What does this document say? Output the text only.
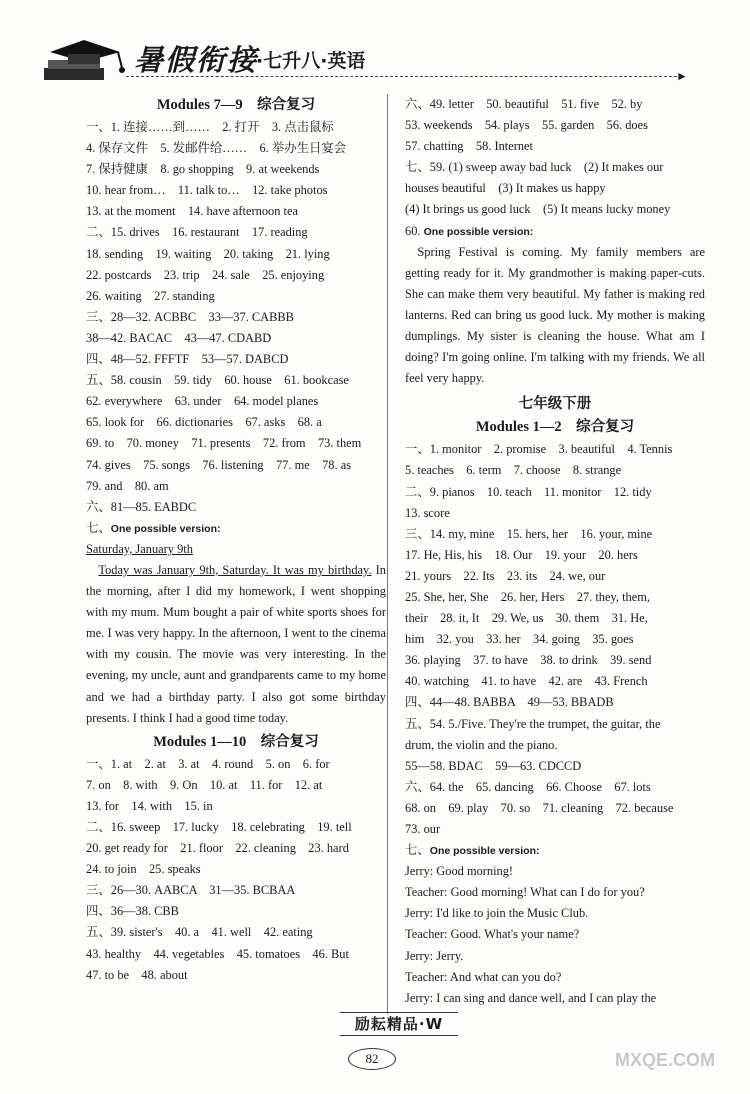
暑假衔接
·七升八·英语
►
Modules 7—9　综合复习
一、1. 连接……到……　2. 打开　3. 点击鼠标
4. 保存文件　5. 发邮件给……　6. 举办生日宴会
7. 保持健康　8. go shopping　9. at weekends
10. hear from…　11. talk to…　12. take photos
13. at the moment　14. have afternoon tea
二、15. drives　16. restaurant　17. reading
18. sending　19. waiting　20. taking　21. lying
22. postcards　23. trip　24. sale　25. enjoying
26. waiting　27. standing
三、28—32. ACBBC　33—37. CABBB
38—42. BACAC　43—47. CDABD
四、48—52. FFFTF　53—57. DABCD
五、58. cousin　59. tidy　60. house　61. bookcase
62. everywhere　63. under　64. model planes
65. look for　66. dictionaries　67. asks　68. a
69. to　70. money　71. presents　72. from　73. them
74. gives　75. songs　76. listening　77. me　78. as
79. and　80. am
六、81—85. EABDC
七、One possible version:
Saturday, January 9th
 Today was January 9th, Saturday. It was my birthday. In the morning, after I did my homework, I went shopping with my mum. Mum bought a pair of white sports shoes for me. I was very happy. In the afternoon, I went to the cinema with my cousin. The movie was very interesting. In the evening, my uncle, aunt and grandparents came to my home and we had a birthday party. I also got some birthday presents. I think I had a good time today.
Modules 1—10　综合复习
一、1. at　2. at　3. at　4. round　5. on　6. for
7. on　8. with　9. On　10. at　11. for　12. at
13. for　14. with　15. in
二、16. sweep　17. lucky　18. celebrating　19. tell
20. get ready for　21. floor　22. cleaning　23. hard
24. to join　25. speaks
三、26—30. AABCA　31—35. BCBAA
四、36—38. CBB
五、39. sister's　40. a　41. well　42. eating
43. healthy　44. vegetables　45. tomatoes　46. But
47. to be　48. about
六、49. letter　50. beautiful　51. five　52. by
53. weekends　54. plays　55. garden　56. does
57. chatting　58. Internet
七、59. (1) sweep away bad luck　(2) It makes our
houses beautiful　(3) It makes us happy
(4) It brings us good luck　(5) It means lucky money
60. One possible version:
 Spring Festival is coming. My family members are getting ready for it. My grandmother is making paper-cuts. She can make them very beautiful. My father is making red lanterns. Red can bring us good luck. My mother is making dumplings. My sister is cleaning the house. What am I doing? I'm going online. I'm talking with my friends. We all feel very happy.
七年级下册
Modules 1—2　综合复习
一、1. monitor　2. promise　3. beautiful　4. Tennis
5. teaches　6. term　7. choose　8. strange
二、9. pianos　10. teach　11. monitor　12. tidy
13. score
三、14. my, mine　15. hers, her　16. your, mine
17. He, His, his　18. Our　19. your　20. hers
21. yours　22. Its　23. its　24. we, our
25. She, her, She　26. her, Hers　27. they, them,
their　28. it, It　29. We, us　30. them　31. He,
him　32. you　33. her　34. going　35. goes
36. playing　37. to have　38. to drink　39. send
40. watching　41. to have　42. are　43. French
四、44—48. BABBA　49—53. BBADB
五、54. 5./Five. They're the trumpet, the guitar, the
drum, the violin and the piano.
55—58. BDAC　59—63. CDCCD
六、64. the　65. dancing　66. Choose　67. lots
68. on　69. play　70. so　71. cleaning　72. because
73. our
七、One possible version:
Jerry: Good morning!
Teacher: Good morning! What can I do for you?
Jerry: I'd like to join the Music Club.
Teacher: Good. What's your name?
Jerry: Jerry.
Teacher: And what can you do?
Jerry: I can sing and dance well, and I can play the
励耘精品·W
82	MXQE.COM
